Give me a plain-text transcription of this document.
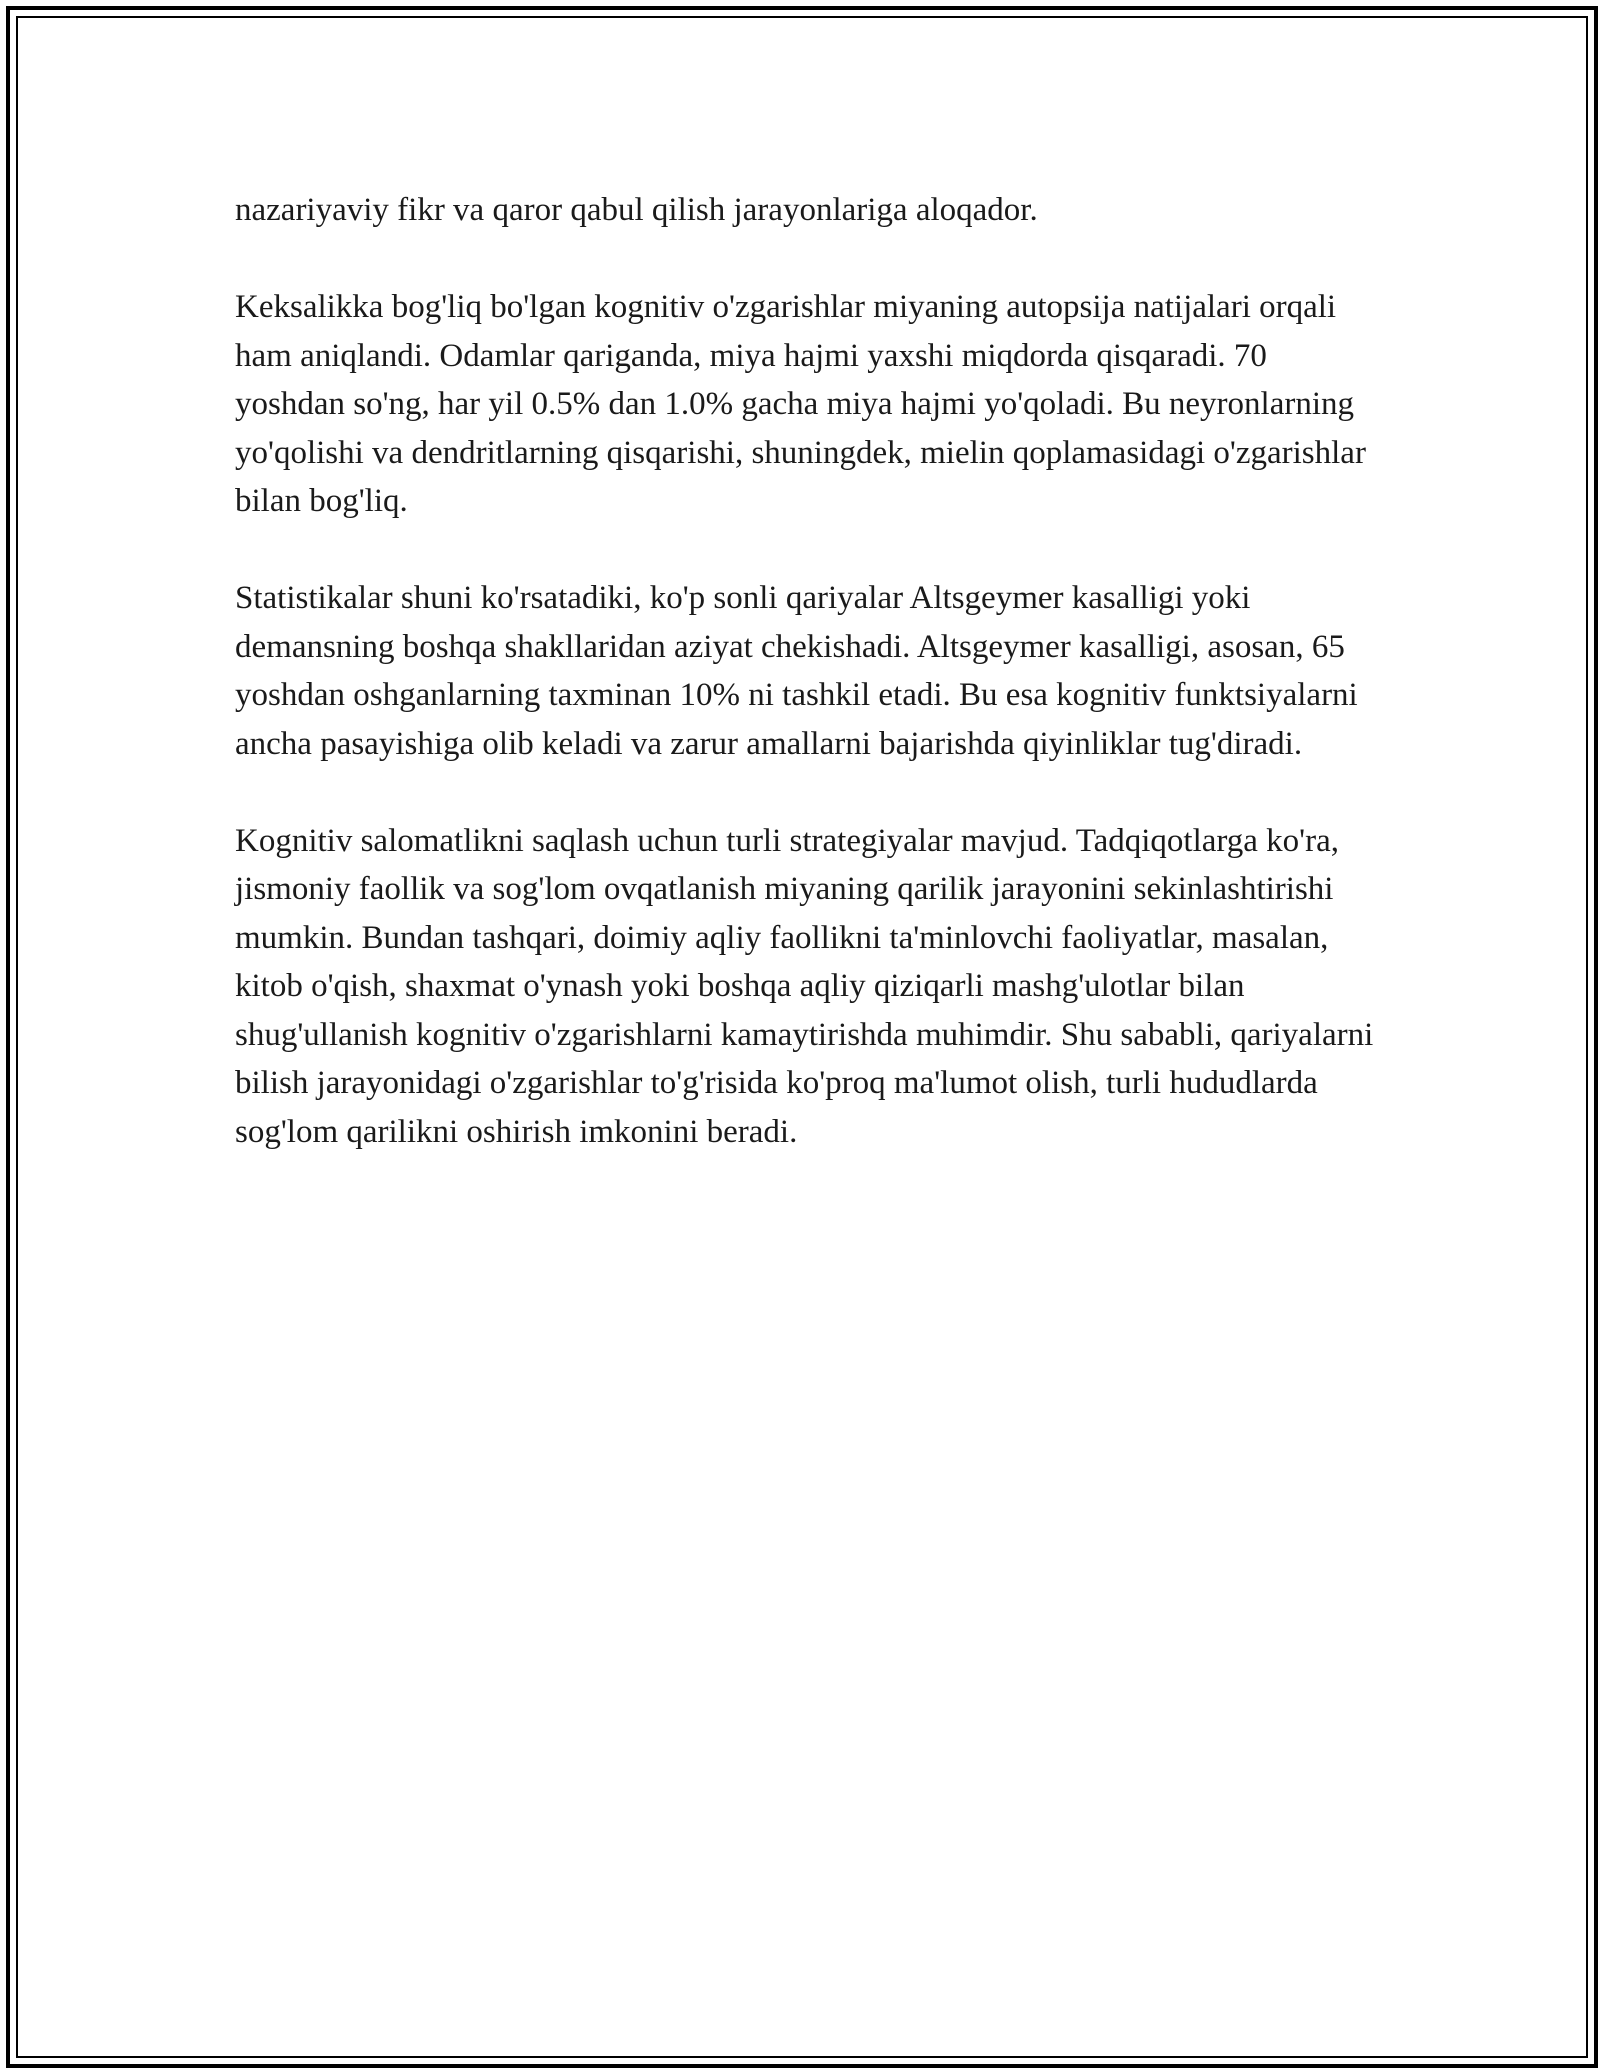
nazariyaviy fikr va qaror qabul qilish jarayonlariga aloqador.

Keksalikka bog'liq bo'lgan kognitiv o'zgarishlar miyaning autopsija natijalari orqali ham aniqlandi. Odamlar qariganda, miya hajmi yaxshi miqdorda qisqaradi. 70 yoshdan so'ng, har yil 0.5% dan 1.0% gacha miya hajmi yo'qoladi. Bu neyronlarning yo'qolishi va dendritlarning qisqarishi, shuningdek, mielin qoplamasidagi o'zgarishlar bilan bog'liq.

Statistikalar shuni ko'rsatadiki, ko'p sonli qariyalar Altsgeymer kasalligi yoki demansning boshqa shakllaridan aziyat chekishadi. Altsgeymer kasalligi, asosan, 65 yoshdan oshganlarning taxminan 10% ni tashkil etadi. Bu esa kognitiv funktsiyalarni ancha pasayishiga olib keladi va zarur amallarni bajarishda qiyinliklar tug'diradi.

Kognitiv salomatlikni saqlash uchun turli strategiyalar mavjud. Tadqiqotlarga ko'ra, jismoniy faollik va sog'lom ovqatlanish miyaning qarilik jarayonini sekinlashtirishi mumkin. Bundan tashqari, doimiy aqliy faollikni ta'minlovchi faoliyatlar, masalan, kitob o'qish, shaxmat o'ynash yoki boshqa aqliy qiziqarli mashg'ulotlar bilan shug'ullanish kognitiv o'zgarishlarni kamaytirishda muhimdir. Shu sababli, qariyalarni bilish jarayonidagi o'zgarishlar to'g'risida ko'proq ma'lumot olish, turli hududlarda sog'lom qarilikni oshirish imkonini beradi.
